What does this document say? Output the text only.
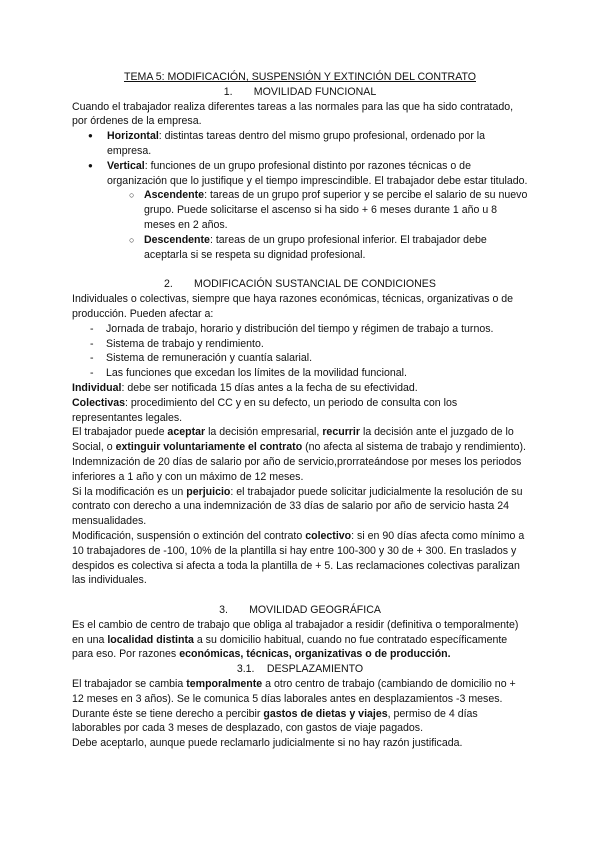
TEMA 5: MODIFICACIÓN, SUSPENSIÓN Y EXTINCIÓN DEL CONTRATO

1. MOVILIDAD FUNCIONAL

Cuando el trabajador realiza diferentes tareas a las normales para las que ha sido contratado, por órdenes de la empresa.

● Horizontal: distintas tareas dentro del mismo grupo profesional, ordenado por la empresa.
● Vertical: funciones de un grupo profesional distinto por razones técnicas o de organización que lo justifique y el tiempo imprescindible. El trabajador debe estar titulado.
○ Ascendente: tareas de un grupo prof superior y se percibe el salario de su nuevo grupo. Puede solicitarse el ascenso si ha sido + 6 meses durante 1 año u 8 meses en 2 años.
○ Descendente: tareas de un grupo profesional inferior. El trabajador debe aceptarla si se respeta su dignidad profesional.

2. MODIFICACIÓN SUSTANCIAL DE CONDICIONES

Individuales o colectivas, siempre que haya razones económicas, técnicas, organizativas o de producción. Pueden afectar a:

- Jornada de trabajo, horario y distribución del tiempo y régimen de trabajo a turnos.
- Sistema de trabajo y rendimiento.
- Sistema de remuneración y cuantía salarial.
- Las funciones que excedan los límites de la movilidad funcional.

Individual: debe ser notificada 15 días antes a la fecha de su efectividad.

Colectivas: procedimiento del CC y en su defecto, un periodo de consulta con los representantes legales.

El trabajador puede aceptar la decisión empresarial, recurrir la decisión ante el juzgado de lo Social, o extinguir voluntariamente el contrato (no afecta al sistema de trabajo y rendimiento). Indemnización de 20 días de salario por año de servicio,prorrateándose por meses los periodos inferiores a 1 año y con un máximo de 12 meses.

Si la modificación es un perjuicio: el trabajador puede solicitar judicialmente la resolución de su contrato con derecho a una indemnización de 33 días de salario por año de servicio hasta 24 mensualidades.

Modificación, suspensión o extinción del contrato colectivo: si en 90 días afecta como mínimo a 10 trabajadores de -100, 10% de la plantilla si hay entre 100-300 y 30 de + 300. En traslados y despidos es colectiva si afecta a toda la plantilla de + 5. Las reclamaciones colectivas paralizan las individuales.

3. MOVILIDAD GEOGRÁFICA

Es el cambio de centro de trabajo que obliga al trabajador a residir (definitiva o temporalmente) en una localidad distinta a su domicilio habitual, cuando no fue contratado específicamente para eso. Por razones económicas, técnicas, organizativas o de producción.

3.1. DESPLAZAMIENTO

El trabajador se cambia temporalmente a otro centro de trabajo (cambiando de domicilio no + 12 meses en 3 años). Se le comunica 5 días laborales antes en desplazamientos -3 meses. Durante éste se tiene derecho a percibir gastos de dietas y viajes, permiso de 4 días laborables por cada 3 meses de desplazado, con gastos de viaje pagados.

Debe aceptarlo, aunque puede reclamarlo judicialmente si no hay razón justificada.
